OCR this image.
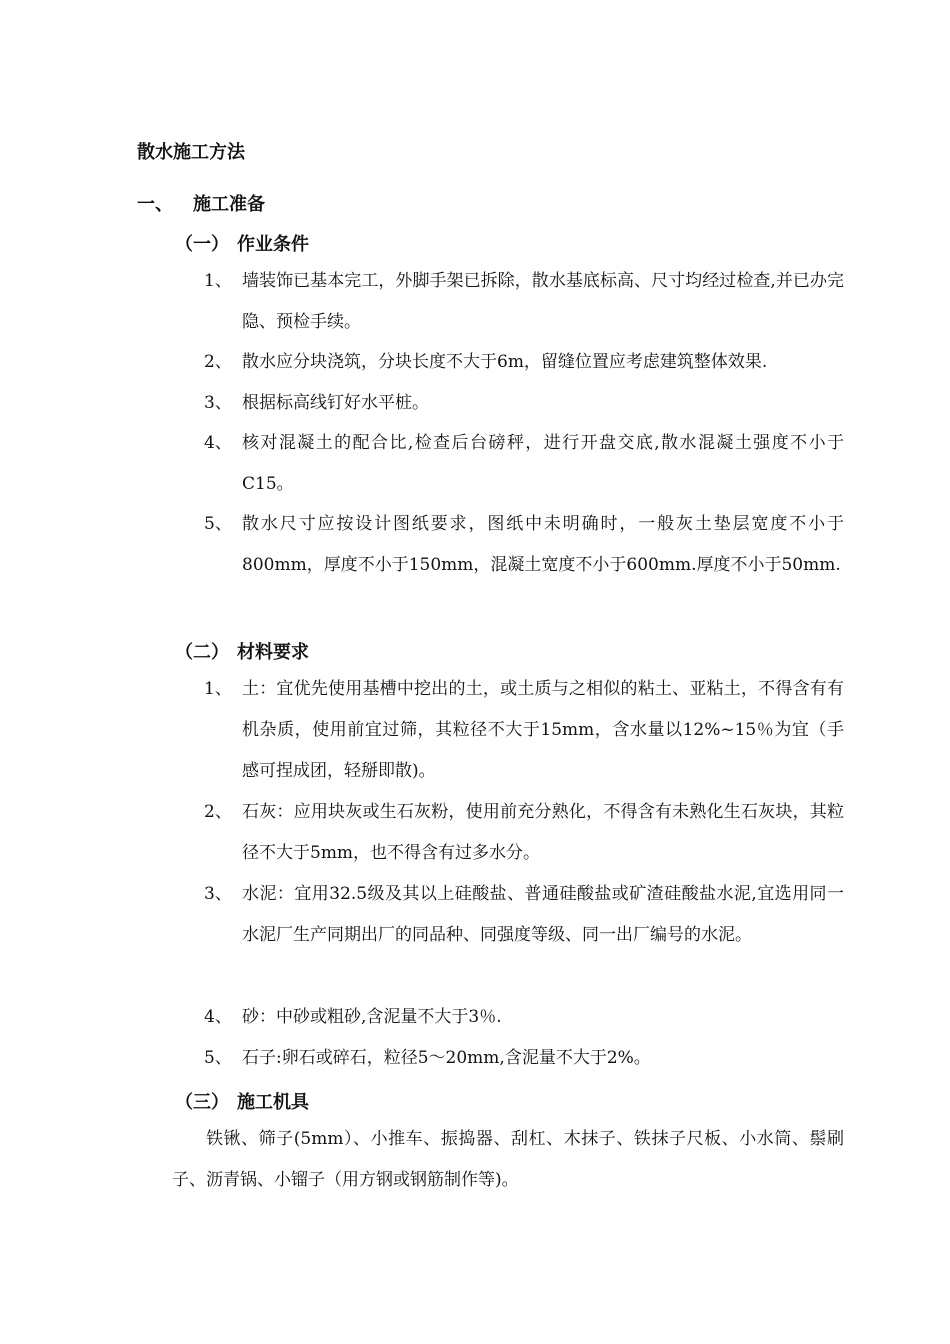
散水施工方法
一、 施工准备
（一） 作业条件
1、 墙装饰已基本完工，外脚手架已拆除，散水基底标高、尺寸均经过检查,并已办完隐、预检手续。
2、 散水应分块浇筑，分块长度不大于6m，留缝位置应考虑建筑整体效果.
3、 根据标高线钉好水平桩。
4、 核对混凝土的配合比,检查后台磅秤，进行开盘交底,散水混凝土强度不小于C15。
5、 散水尺寸应按设计图纸要求，图纸中未明确时，一般灰土垫层宽度不小于800mm，厚度不小于150mm，混凝土宽度不小于600mm.厚度不小于50mm.
（二） 材料要求
1、 土：宜优先使用基槽中挖出的土，或土质与之相似的粘土、亚粘土，不得含有有机杂质，使用前宜过筛，其粒径不大于15mm，含水量以12%~15％为宜（手感可捏成团，轻掰即散)。
2、 石灰：应用块灰或生石灰粉，使用前充分熟化，不得含有未熟化生石灰块，其粒径不大于5mm，也不得含有过多水分。
3、 水泥：宜用32.5级及其以上硅酸盐、普通硅酸盐或矿渣硅酸盐水泥,宜选用同一水泥厂生产同期出厂的同品种、同强度等级、同一出厂编号的水泥。
4、 砂：中砂或粗砂,含泥量不大于3％.
5、 石子:卵石或碎石，粒径5～20mm,含泥量不大于2%。
（三） 施工机具
铁锹、筛子(5mm）、小推车、振捣器、刮杠、木抹子、铁抹子尺板、小水筒、鬃刷子、沥青锅、小镏子（用方钢或钢筋制作等)。
